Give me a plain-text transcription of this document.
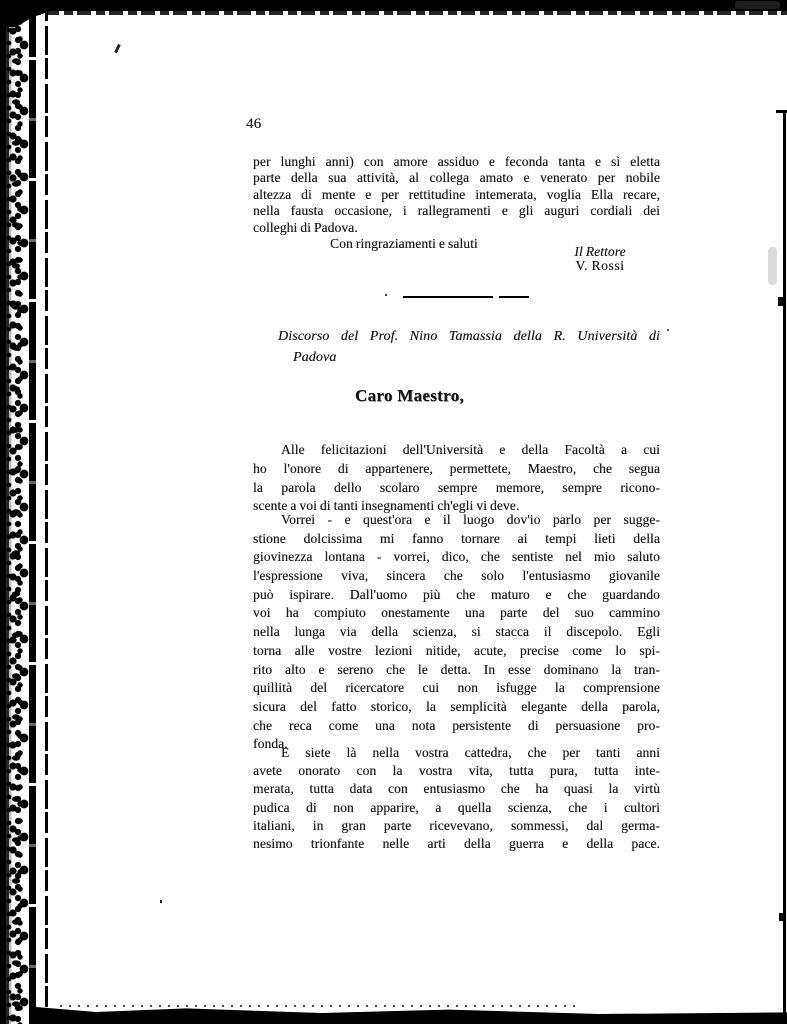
46
per lunghi anni) con amore assiduo e feconda tanta e sì eletta
parte della sua attività, al collega amato e venerato per nobile
altezza di mente e per rettitudine intemerata, voglia Ella recare,
nella fausta occasione, i rallegramenti e gli auguri cordiali dei
colleghi di Padova.
Con ringraziamenti e saluti
Il Rettore
V. Rossi
Discorso del Prof. Nino Tamassia della R. Università di
Padova
Caro Maestro,
Alle felicitazioni dell'Università e della Facoltà a cui
ho l'onore di appartenere, permettete, Maestro, che segua
la parola dello scolaro sempre memore, sempre ricono-
scente a voi di tanti insegnamenti ch'egli vi deve.
Vorrei - e quest'ora e il luogo dov'io parlo per sugge-
stione dolcissima mi fanno tornare ai tempi lieti della
giovinezza lontana - vorrei, dico, che sentiste nel mio saluto
l'espressione viva, sincera che solo l'entusiasmo giovanile
può ispirare. Dall'uomo più che maturo e che guardando
voi ha compiuto onestamente una parte del suo cammino
nella lunga via della scienza, si stacca il discepolo. Egli
torna alle vostre lezioni nitide, acute, precise come lo spi-
rito alto e sereno che le detta. In esse dominano la tran-
quillità del ricercatore cui non isfugge la comprensione
sicura del fatto storico, la semplicità elegante della parola,
che reca come una nota persistente di persuasione pro-
fonda.
E siete là nella vostra cattedra, che per tanti anni
avete onorato con la vostra vita, tutta pura, tutta inte-
merata, tutta data con entusiasmo che ha quasi la virtù
pudica di non apparire, a quella scienza, che i cultori
italiani, in gran parte ricevevano, sommessi, dal germa-
nesimo trionfante nelle arti della guerra e della pace.
